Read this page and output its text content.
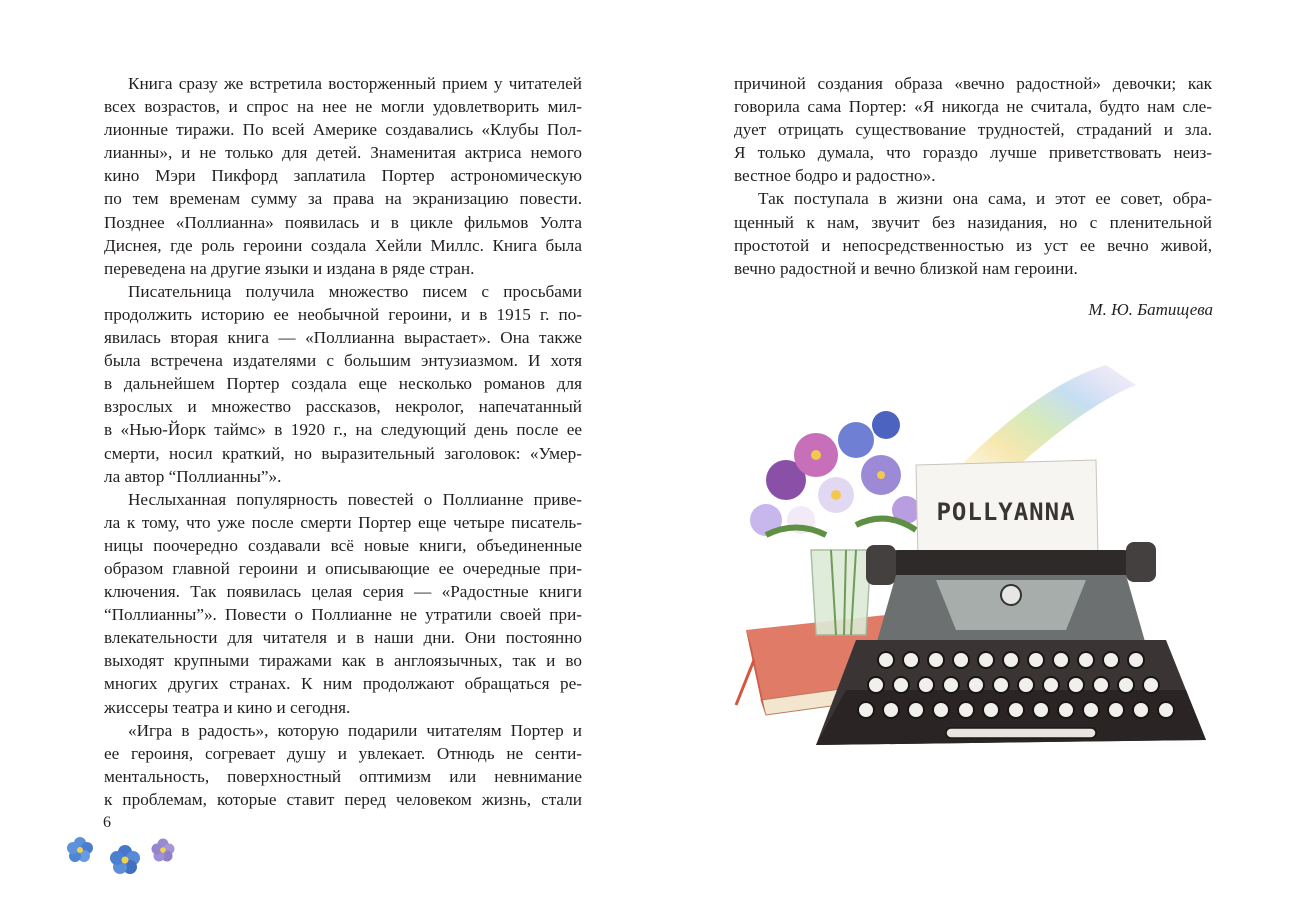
Книга сразу же встретила восторженный прием у читателей
всех возрастов, и спрос на нее не могли удовлетворить мил-
лионные тиражи. По всей Америке создавались «Клубы Пол-
лианны», и не только для детей. Знаменитая актриса немого
кино Мэри Пикфорд заплатила Портер астрономическую
по тем временам сумму за права на экранизацию повести.
Позднее «Поллианна» появилась и в цикле фильмов Уолта
Диснея, где роль героини создала Хейли Миллс. Книга была
переведена на другие языки и издана в ряде стран.

Писательница получила множество писем с просьбами
продолжить историю ее необычной героини, и в 1915 г. по-
явилась вторая книга — «Поллианна вырастает». Она также
была встречена издателями с большим энтузиазмом. И хотя
в дальнейшем Портер создала еще несколько романов для
взрослых и множество рассказов, некролог, напечатанный
в «Нью-Йорк таймс» в 1920 г., на следующий день после ее
смерти, носил краткий, но выразительный заголовок: «Умер-
ла автор “Поллианны”».

Неслыханная популярность повестей о Поллианне приве-
ла к тому, что уже после смерти Портер еще четыре писатель-
ницы поочередно создавали всё новые книги, объединенные
образом главной героини и описывающие ее очередные при-
ключения. Так появилась целая серия — «Радостные книги
“Поллианны”». Повести о Поллианне не утратили своей при-
влекательности для читателя и в наши дни. Они постоянно
выходят крупными тиражами как в англоязычных, так и во
многих других странах. К ним продолжают обращаться ре-
жиссеры театра и кино и сегодня.

«Игра в радость», которую подарили читателям Портер и
ее героиня, согревает душу и увлекает. Отнюдь не сенти-
ментальность, поверхностный оптимизм или невнимание
к проблемам, которые ставит перед человеком жизнь, стали

6

причиной создания образа «вечно радостной» девочки; как
говорила сама Портер: «Я никогда не считала, будто нам сле-
дует отрицать существование трудностей, страданий и зла.
Я только думала, что гораздо лучше приветствовать неиз-
вестное бодро и радостно».

Так поступала в жизни она сама, и этот ее совет, обра-
щенный к нам, звучит без назидания, но с пленительной
простотой и непосредственностью из уст ее вечно живой,
вечно радостной и вечно близкой нам героини.

М. Ю. Батищева
POLLYANNA
